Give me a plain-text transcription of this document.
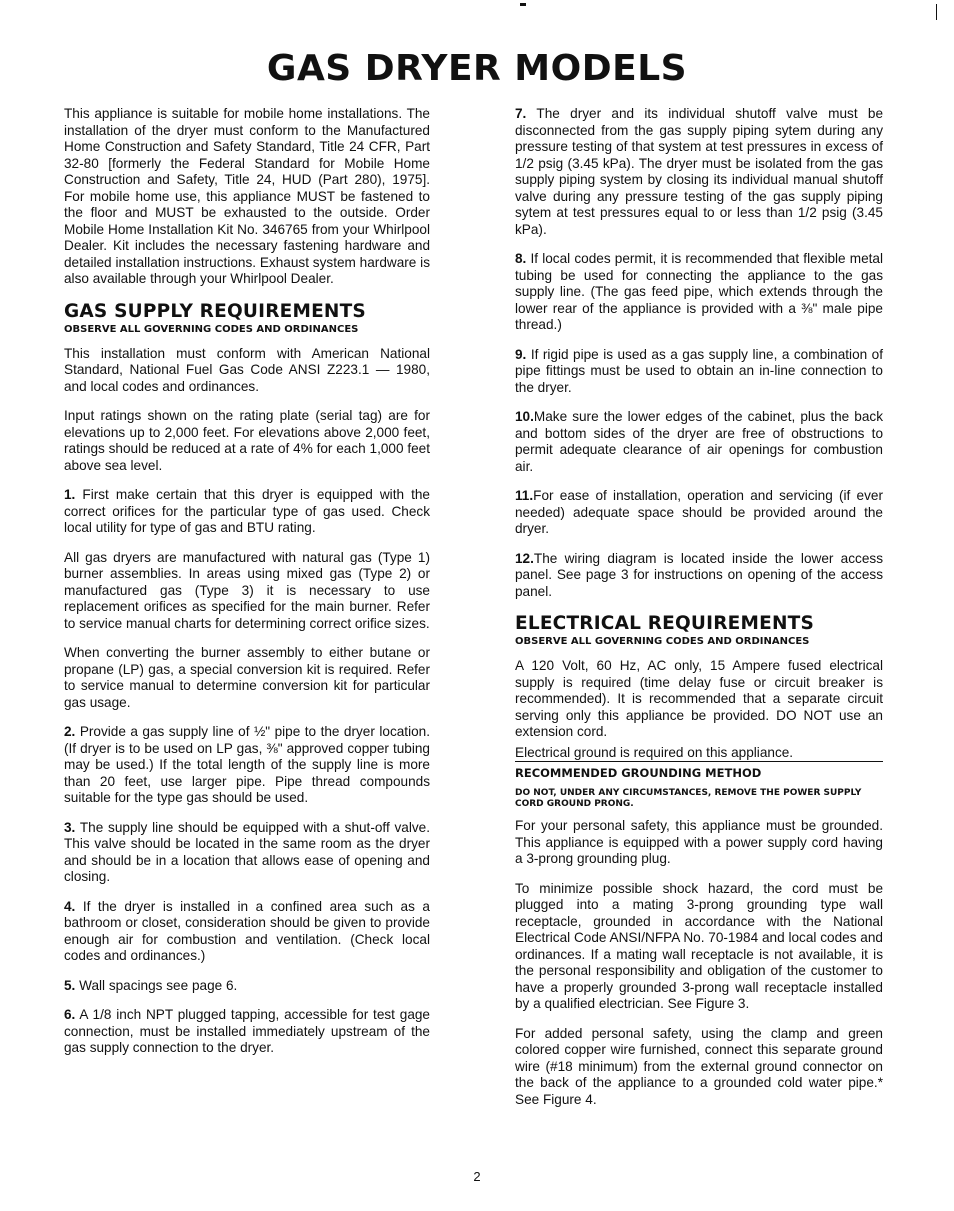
GAS DRYER MODELS

This appliance is suitable for mobile home installations. The installation of the dryer must conform to the Manufactured Home Construction and Safety Standard, Title 24 CFR, Part 32-80 [formerly the Federal Standard for Mobile Home Construction and Safety, Title 24, HUD (Part 280), 1975]. For mobile home use, this appliance MUST be fastened to the floor and MUST be exhausted to the outside. Order Mobile Home Installation Kit No. 346765 from your Whirlpool Dealer. Kit includes the necessary fastening hardware and detailed installation instructions. Exhaust system hardware is also available through your Whirlpool Dealer.

GAS SUPPLY REQUIREMENTS
OBSERVE ALL GOVERNING CODES AND ORDINANCES

This installation must conform with American National Standard, National Fuel Gas Code ANSI Z223.1 — 1980, and local codes and ordinances.

Input ratings shown on the rating plate (serial tag) are for elevations up to 2,000 feet. For elevations above 2,000 feet, ratings should be reduced at a rate of 4% for each 1,000 feet above sea level.

1. First make certain that this dryer is equipped with the correct orifices for the particular type of gas used. Check local utility for type of gas and BTU rating.

All gas dryers are manufactured with natural gas (Type 1) burner assemblies. In areas using mixed gas (Type 2) or manufactured gas (Type 3) it is necessary to use replacement orifices as specified for the main burner. Refer to service manual charts for determining correct orifice sizes.

When converting the burner assembly to either butane or propane (LP) gas, a special conversion kit is required. Refer to service manual to determine conversion kit for particular gas usage.

2. Provide a gas supply line of ½" pipe to the dryer location. (If dryer is to be used on LP gas, ⅜" approved copper tubing may be used.) If the total length of the supply line is more than 20 feet, use larger pipe. Pipe thread compounds suitable for the type gas should be used.

3. The supply line should be equipped with a shut-off valve. This valve should be located in the same room as the dryer and should be in a location that allows ease of opening and closing.

4. If the dryer is installed in a confined area such as a bathroom or closet, consideration should be given to provide enough air for combustion and ventilation. (Check local codes and ordinances.)

5. Wall spacings see page 6.

6. A 1/8 inch NPT plugged tapping, accessible for test gage connection, must be installed immediately upstream of the gas supply connection to the dryer.

7. The dryer and its individual shutoff valve must be disconnected from the gas supply piping sytem during any pressure testing of that system at test pressures in excess of 1/2 psig (3.45 kPa). The dryer must be isolated from the gas supply piping system by closing its individual manual shutoff valve during any pressure testing of the gas supply piping sytem at test pressures equal to or less than 1/2 psig (3.45 kPa).

8. If local codes permit, it is recommended that flexible metal tubing be used for connecting the appliance to the gas supply line. (The gas feed pipe, which extends through the lower rear of the appliance is provided with a ⅜" male pipe thread.)

9. If rigid pipe is used as a gas supply line, a combination of pipe fittings must be used to obtain an in-line connection to the dryer.

10.Make sure the lower edges of the cabinet, plus the back and bottom sides of the dryer are free of obstructions to permit adequate clearance of air openings for combustion air.

11.For ease of installation, operation and servicing (if ever needed) adequate space should be provided around the dryer.

12.The wiring diagram is located inside the lower access panel. See page 3 for instructions on opening of the access panel.

ELECTRICAL REQUIREMENTS
OBSERVE ALL GOVERNING CODES AND ORDINANCES

A 120 Volt, 60 Hz, AC only, 15 Ampere fused electrical supply is required (time delay fuse or circuit breaker is recommended). It is recommended that a separate circuit serving only this appliance be provided. DO NOT use an extension cord.

Electrical ground is required on this appliance.

RECOMMENDED GROUNDING METHOD
DO NOT, UNDER ANY CIRCUMSTANCES, REMOVE THE POWER SUPPLY CORD GROUND PRONG.

For your personal safety, this appliance must be grounded. This appliance is equipped with a power supply cord having a 3-prong grounding plug.

To minimize possible shock hazard, the cord must be plugged into a mating 3-prong grounding type wall receptacle, grounded in accordance with the National Electrical Code ANSI/NFPA No. 70-1984 and local codes and ordinances. If a mating wall receptacle is not available, it is the personal responsibility and obligation of the customer to have a properly grounded 3-prong wall receptacle installed by a qualified electrician. See Figure 3.

For added personal safety, using the clamp and green colored copper wire furnished, connect this separate ground wire (#18 minimum) from the external ground connector on the back of the appliance to a grounded cold water pipe.* See Figure 4.

2
